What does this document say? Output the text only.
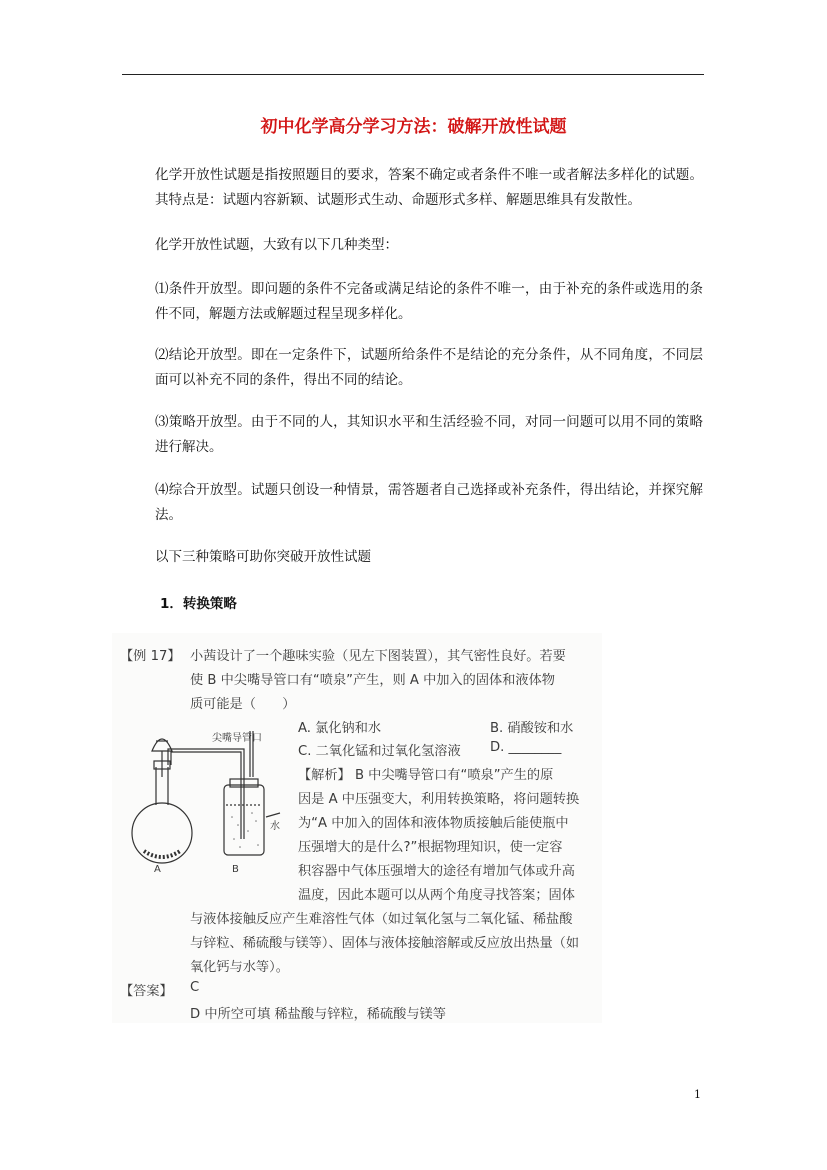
初中化学高分学习方法：破解开放性试题
化学开放性试题是指按照题目的要求，答案不确定或者条件不唯一或者解法多样化的试题。其特点是：试题内容新颖、试题形式生动、命题形式多样、解题思维具有发散性。
化学开放性试题，大致有以下几种类型：
⑴条件开放型。即问题的条件不完备或满足结论的条件不唯一，由于补充的条件或选用的条件不同，解题方法或解题过程呈现多样化。
⑵结论开放型。即在一定条件下，试题所给条件不是结论的充分条件，从不同角度，不同层面可以补充不同的条件，得出不同的结论。
⑶策略开放型。由于不同的人，其知识水平和生活经验不同，对同一问题可以用不同的策略进行解决。
⑷综合开放型。试题只创设一种情景，需答题者自己选择或补充条件，得出结论，并探究解法。
以下三种策略可助你突破开放性试题
1．转换策略
【例 17】 小茜设计了一个趣味实验（见左下图装置），其气密性良好。若要
使 B 中尖嘴导管口有“喷泉”产生，则 A 中加入的固体和液体物
质可能是（　　）
A. 氯化钠和水	B. 硝酸铵和水
C. 二氧化锰和过氧化氢溶液 D. ________
尖嘴导管口
水
A	B
【解析】 B 中尖嘴导管口有“喷泉”产生的原
因是 A 中压强变大，利用转换策略，将问题转换
为“A 中加入的固体和液体物质接触后能使瓶中
压强增大的是什么?”根据物理知识，使一定容
积容器中气体压强增大的途径有增加气体或升高
温度，因此本题可以从两个角度寻找答案；固体
与液体接触反应产生难溶性气体（如过氧化氢与二氧化锰、稀盐酸
与锌粒、稀硫酸与镁等）、固体与液体接触溶解或反应放出热量（如
氧化钙与水等）。
【答案】 C
D 中所空可填 稀盐酸与锌粒，稀硫酸与镁等
1
